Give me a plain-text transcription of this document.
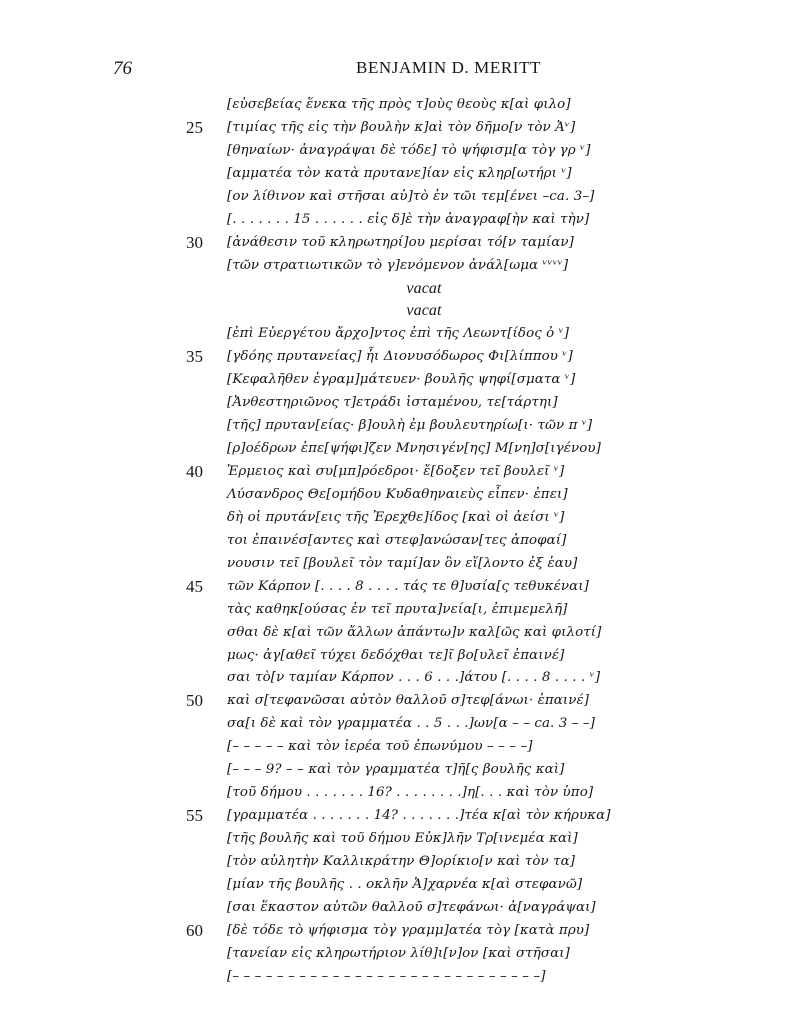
76	BENJAMIN D. MERITT
[εὐσεβείας ἕνεκα τῆς πρὸς τ]οὺς θεοὺς κ[αὶ φιλο]
25	[τιμίας τῆς εἰς τὴν βουλὴν κ]αὶ τὸν δῆμο[ν τὸν Ἀᵛ]
[θηναίων· ἀναγράψαι δὲ τόδε] τὸ ψήφισμ[α τὸγ γρ ᵛ]
[αμματέα τὸν κατὰ πρυτανε]ίαν εἰς κληρ[ωτήρι ᵛ]
[ον λίθινον καὶ στῆσαι αὐ]τὸ ἐν τῶι τεμ[ένει –ca. 3–]
[. . . . . . . 15 . . . . . . εἰς δ]ὲ τὴν ἀναγραφ[ὴν καὶ τὴν]
30	[ἀνάθεσιν τοῦ κληρωτηρί]ου μερίσαι τό[ν ταμίαν]
[τῶν στρατιωτικῶν τὸ γ]ενόμενον ἀνάλ[ωμα ᵛᵛᵛᵛ]
vacat
vacat
[ἐπὶ Εὐεργέτου ἄρχο]ντος ἐπὶ τῆς Λεωντ[ίδος ὀ ᵛ]
35	[γδόης πρυτανείας] ἧι Διονυσόδωρος Φι[λίππου ᵛ]
[Κεφαλῆθεν ἐγραμ]μάτευεν· βουλῆς ψηφί[σματα ᵛ]
[Ἀνθεστηριῶνος τ]ετράδι ἱσταμένου, τε[τάρτηι]
[τῆς] πρυταν[είας· β]ουλὴ ἐμ βουλευτηρίω[ι· τῶν π ᵛ]
[ρ]οέδρων ἐπε[ψήφι]ζεν Μνησιγέν[ης] Μ[νη]σ[ιγένου]
40	Ἑρμειος καὶ συ[μπ]ρόεδροι· ἔ[δοξεν τεῖ βουλεῖ ᵛ]
Λύσανδρος Θε[ομήδου Κυδαθηναιεὺς εἶπεν· ἐπει]
δὴ οἱ πρυτάν[εις τῆς Ἐρεχθε]ίδος [καὶ οἱ ἀείσι ᵛ]
τοι ἐπαινέσ[αντες καὶ στεφ]ανώσαν[τες ἀποφαί]
νουσιν τεῖ [βουλεῖ τὸν ταμί]αν ὃν εἵ[λοντο ἐξ ἑαυ]
45	τῶν Κάρπον [. . . . 8 . . . . τάς τε θ]υσία[ς τεθυκέναι]
τὰς καθηκ[ούσας ἐν τεῖ πρυτα]νεία[ι, ἐπιμεμελῆ]
σθαι δὲ κ[αὶ τῶν ἄλλων ἁπάντω]ν καλ[ῶς καὶ φιλοτί]
μως· ἀγ[αθεῖ τύχει δεδόχθαι τε]ῖ βο[υλεῖ ἐπαινέ]
σαι τὸ[ν ταμίαν Κάρπον . . . 6 . . .]άτου [. . . . 8 . . . . ᵛ]
50	καὶ σ[τεφανῶσαι αὐτὸν θαλλοῦ σ]τεφ[άνωι· ἐπαινέ]
σα[ι δὲ καὶ τὸν γραμματέα . . 5 . . .]ων[α – – ca. 3 – –]
[– – – – – καὶ τὸν ἱερέα τοῦ ἐπωνύμου – – – –]
[– – – 9? – – καὶ τὸν γραμματέα τ]ῆ[ς βουλῆς καὶ]
[τοῦ δήμου . . . . . . . 16? . . . . . . . .]η[. . . καὶ τὸν ὑπο]
55	[γραμματέα . . . . . . . 14? . . . . . . .]τέα κ[αὶ τὸν κήρυκα]
[τῆς βουλῆς καὶ τοῦ δήμου Εὐκ]λῆν Τρ[ινεμέα καὶ]
[τὸν αὐλητὴν Καλλικράτην Θ]ορίκιο[ν καὶ τὸν τα]
[μίαν τῆς βουλῆς . . οκλῆν Ἀ]χαρνέα κ[αὶ στεφανῶ]
[σαι ἕκαστον αὐτῶν θαλλοῦ σ]τεφάνωι· ἀ[ναγράψαι]
60	[δὲ τόδε τὸ ψήφισμα τὸγ γραμμ]ατέα τὸγ [κατὰ πρυ]
[τανείαν εἰς κληρωτήριον λίθ]ι[ν]ον [καὶ στῆσαι]
[– – – – – – – – – – – – – – – – – – – – – – – – – – – –]
